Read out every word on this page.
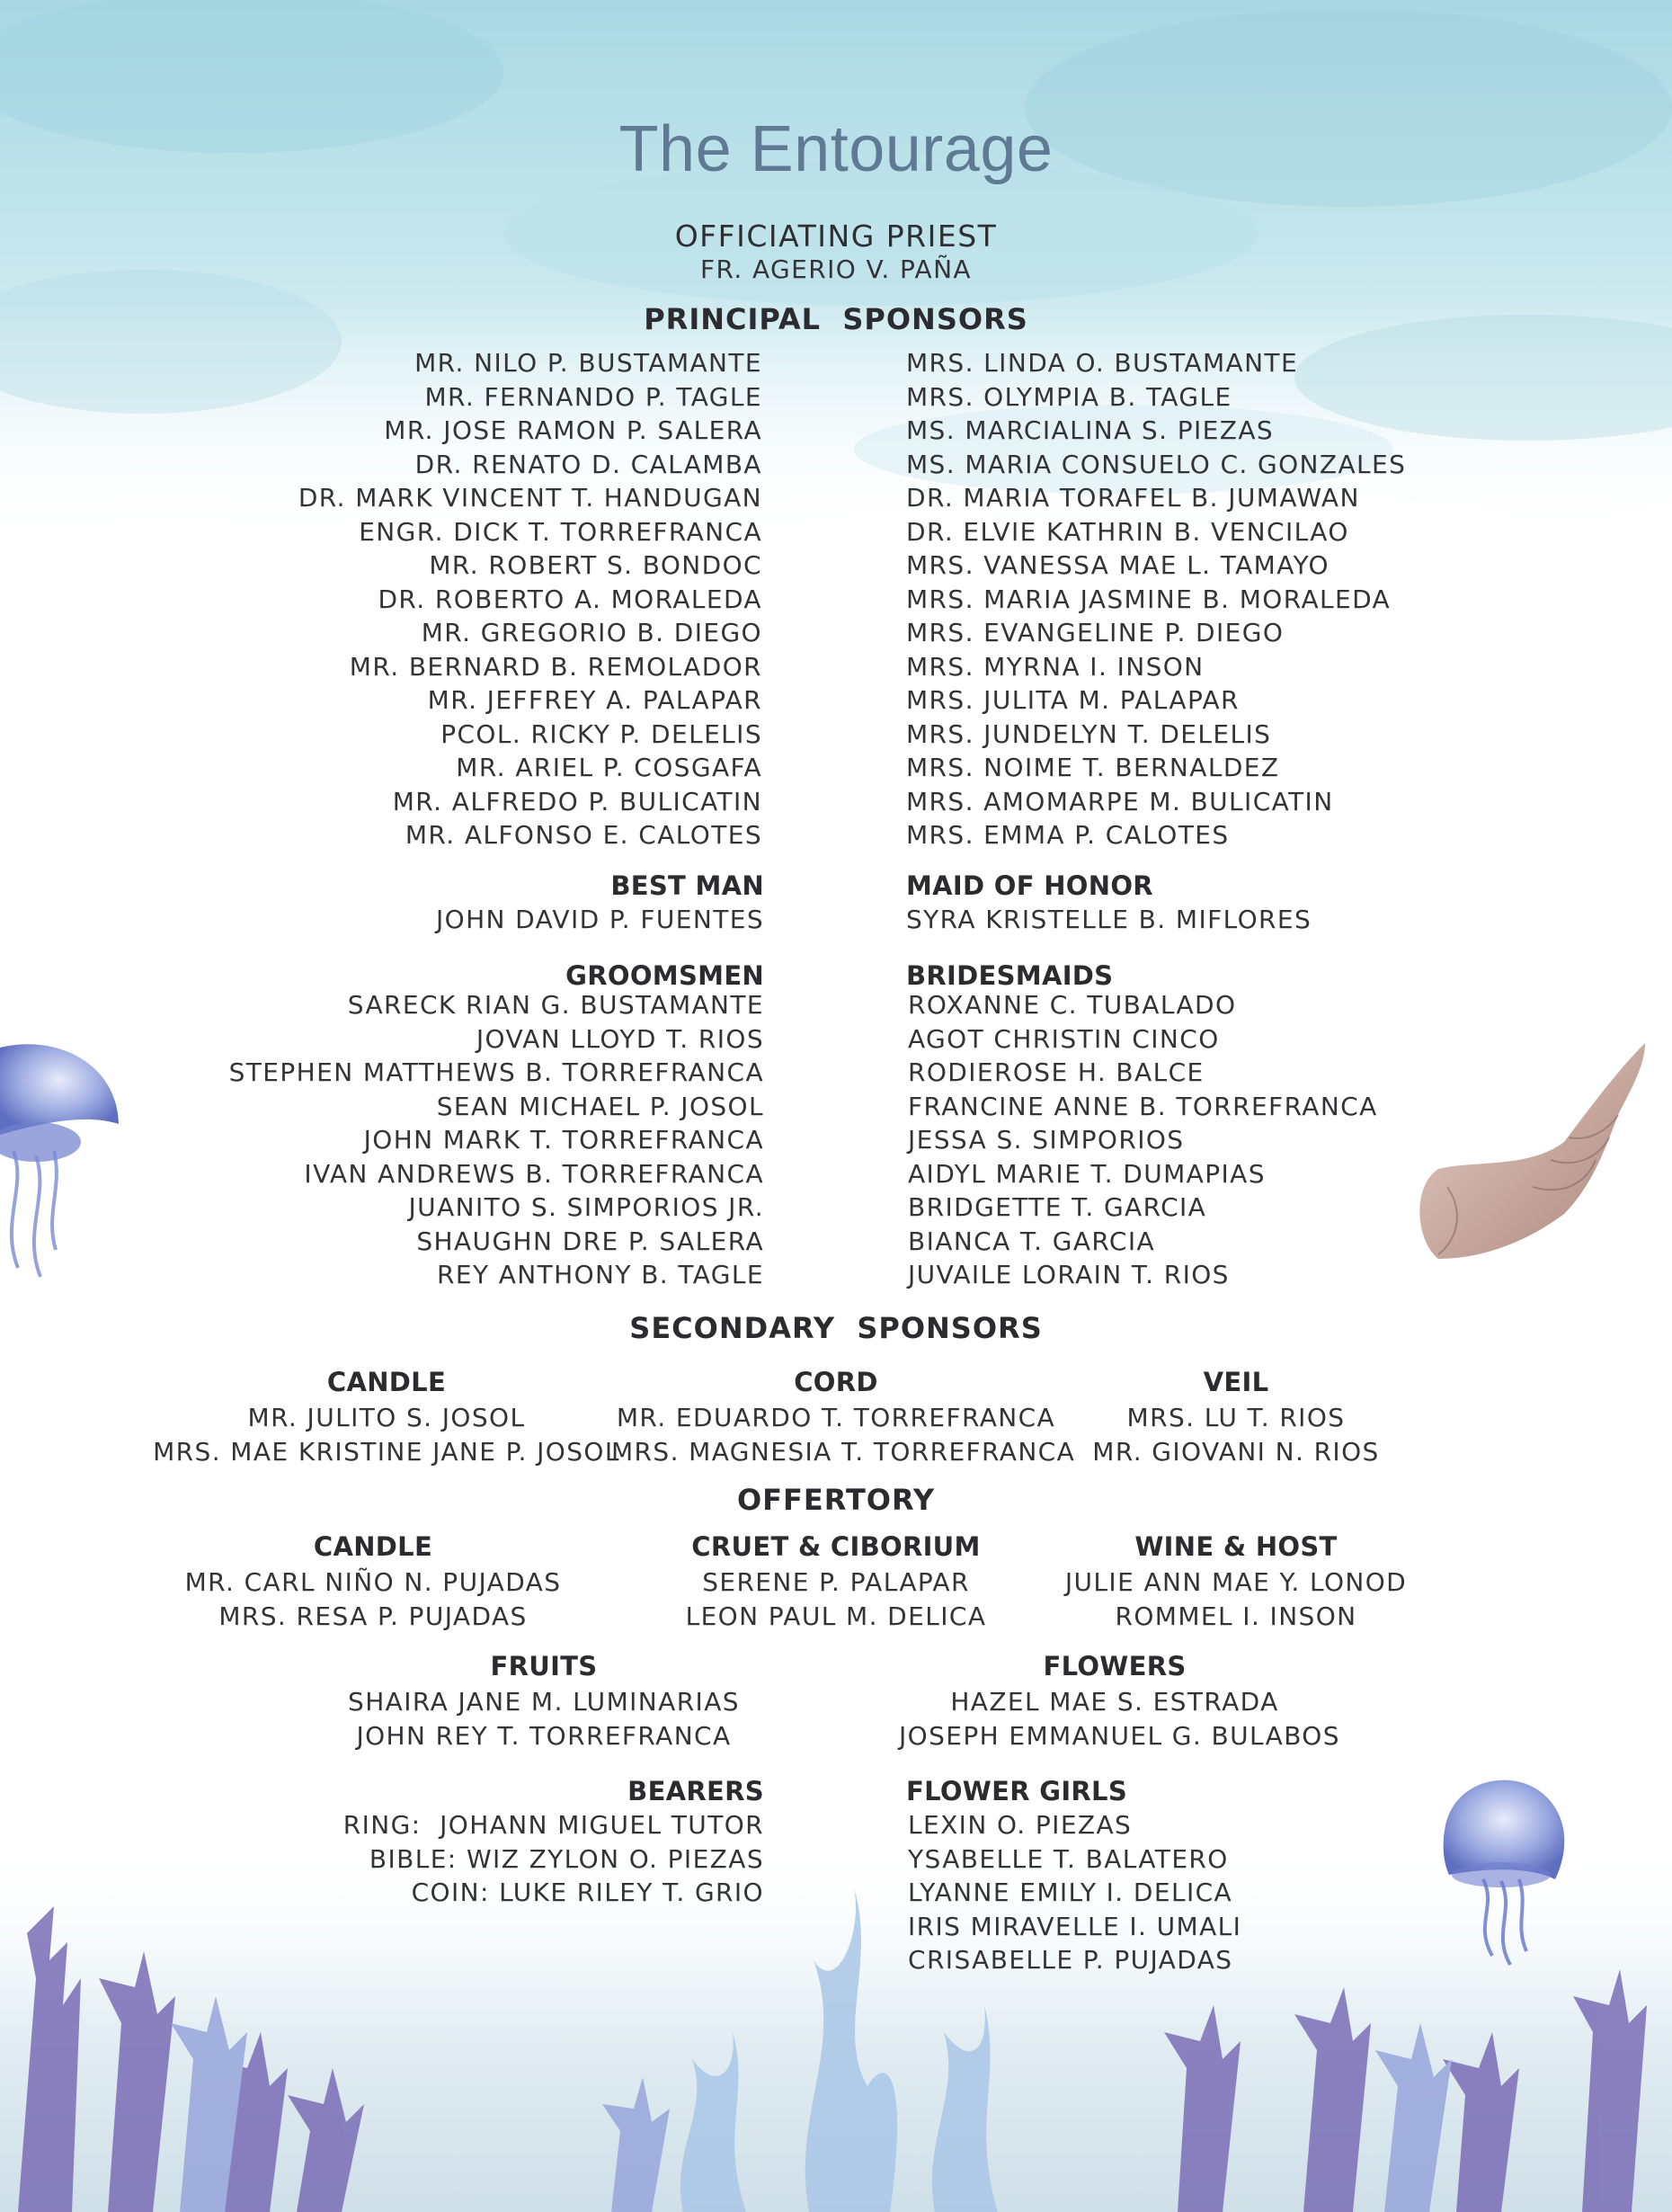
The Entourage
OFFICIATING PRIEST
FR. AGERIO V. PAÑA
PRINCIPAL  SPONSORS
MR. NILO P. BUSTAMANTE
MR. FERNANDO P. TAGLE
MR. JOSE RAMON P. SALERA
DR. RENATO D. CALAMBA
DR. MARK VINCENT T. HANDUGAN
ENGR. DICK T. TORREFRANCA
MR. ROBERT S. BONDOC
DR. ROBERTO A. MORALEDA
MR. GREGORIO B. DIEGO
MR. BERNARD B. REMOLADOR
MR. JEFFREY A. PALAPAR
PCOL. RICKY P. DELELIS
MR. ARIEL P. COSGAFA
MR. ALFREDO P. BULICATIN
MR. ALFONSO E. CALOTES
MRS. LINDA O. BUSTAMANTE
MRS. OLYMPIA B. TAGLE
MS. MARCIALINA S. PIEZAS
MS. MARIA CONSUELO C. GONZALES
DR. MARIA TORAFEL B. JUMAWAN
DR. ELVIE KATHRIN B. VENCILAO
MRS. VANESSA MAE L. TAMAYO
MRS. MARIA JASMINE B. MORALEDA
MRS. EVANGELINE P. DIEGO
MRS. MYRNA I. INSON
MRS. JULITA M. PALAPAR
MRS. JUNDELYN T. DELELIS
MRS. NOIME T. BERNALDEZ
MRS. AMOMARPE M. BULICATIN
MRS. EMMA P. CALOTES
BEST MAN
JOHN DAVID P. FUENTES
MAID OF HONOR
SYRA KRISTELLE B. MIFLORES
GROOMSMEN
SARECK RIAN G. BUSTAMANTE
JOVAN LLOYD T. RIOS
STEPHEN MATTHEWS B. TORREFRANCA
SEAN MICHAEL P. JOSOL
JOHN MARK T. TORREFRANCA
IVAN ANDREWS B. TORREFRANCA
JUANITO S. SIMPORIOS JR.
SHAUGHN DRE P. SALERA
REY ANTHONY B. TAGLE
BRIDESMAIDS
ROXANNE C. TUBALADO
AGOT CHRISTIN CINCO
RODIEROSE H. BALCE
FRANCINE ANNE B. TORREFRANCA
JESSA S. SIMPORIOS
AIDYL MARIE T. DUMAPIAS
BRIDGETTE T. GARCIA
BIANCA T. GARCIA
JUVAILE LORAIN T. RIOS
SECONDARY  SPONSORS
CANDLE
MR. JULITO S. JOSOL
MRS. MAE KRISTINE JANE P. JOSOL
CORD
MR. EDUARDO T. TORREFRANCA
MRS. MAGNESIA T. TORREFRANCA
VEIL
MRS. LU T. RIOS
MR. GIOVANI N. RIOS
OFFERTORY
CANDLE
MR. CARL NIÑO N. PUJADAS
MRS. RESA P. PUJADAS
CRUET & CIBORIUM
SERENE P. PALAPAR
LEON PAUL M. DELICA
WINE & HOST
JULIE ANN MAE Y. LONOD
ROMMEL I. INSON
FRUITS
SHAIRA JANE M. LUMINARIAS
JOHN REY T. TORREFRANCA
FLOWERS
HAZEL MAE S. ESTRADA
JOSEPH EMMANUEL G. BULABOS
BEARERS
RING:  JOHANN MIGUEL TUTOR
BIBLE: WIZ ZYLON O. PIEZAS
COIN: LUKE RILEY T. GRIO
FLOWER GIRLS
LEXIN O. PIEZAS
YSABELLE T. BALATERO
LYANNE EMILY I. DELICA
IRIS MIRAVELLE I. UMALI
CRISABELLE P. PUJADAS
